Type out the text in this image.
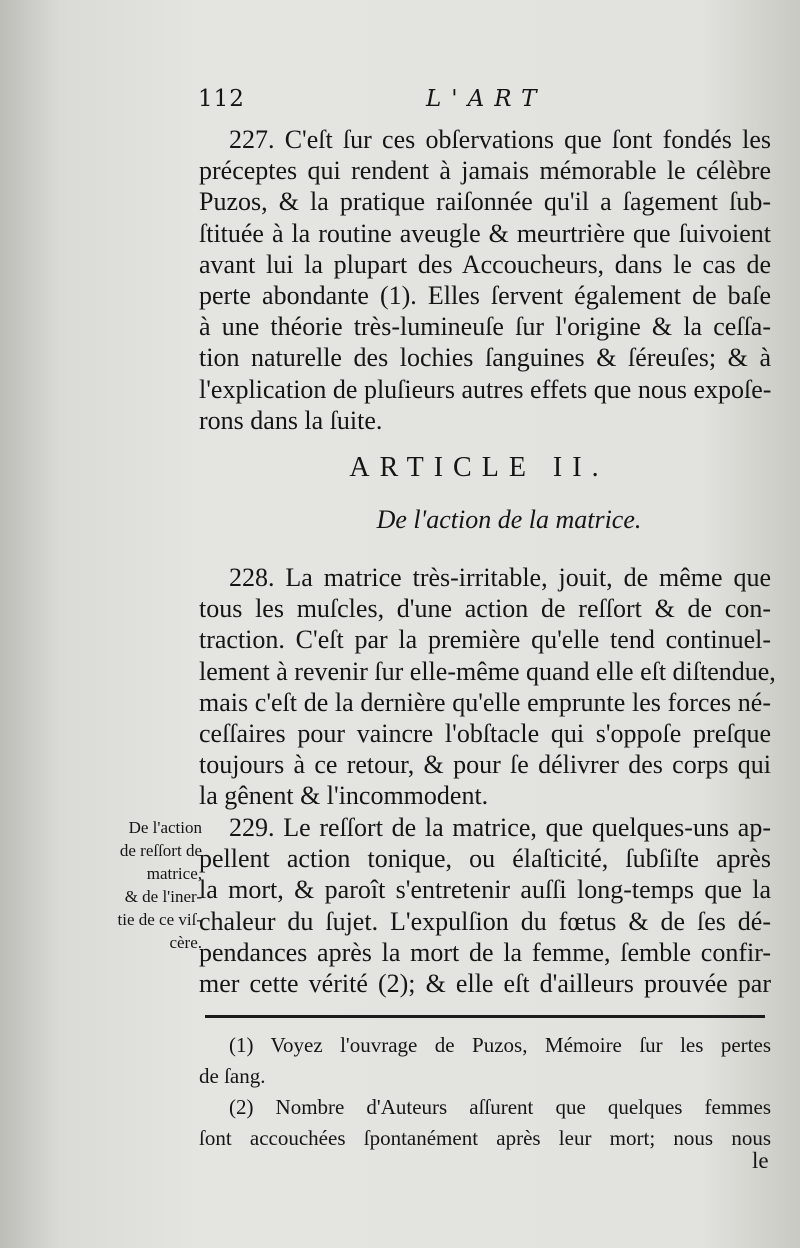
112	L'ART
227. C'eſt ſur ces obſervations que ſont fondés les
préceptes qui rendent à jamais mémorable le célèbre
Puzos, & la pratique raiſonnée qu'il a ſagement ſub-
ſtituée à la routine aveugle & meurtrière que ſuivoient
avant lui la plupart des Accoucheurs, dans le cas de
perte abondante (1). Elles ſervent également de baſe
à une théorie très-lumineuſe ſur l'origine & la ceſſa-
tion naturelle des lochies ſanguines & ſéreuſes; & à
l'explication de pluſieurs autres effets que nous expoſe-
rons dans la ſuite.
ARTICLE II.
De l'action de la matrice.
228. La matrice très-irritable, jouit, de même que
tous les muſcles, d'une action de reſſort & de con-
traction. C'eſt par la première qu'elle tend continuel-
lement à revenir ſur elle-même quand elle eſt diſtendue,
mais c'eſt de la dernière qu'elle emprunte les forces né-
ceſſaires pour vaincre l'obſtacle qui s'oppoſe preſque
toujours à ce retour, & pour ſe délivrer des corps qui
la gênent & l'incommodent.
De l'action
de reſſort de
matrice,
& de l'iner-
tie de ce viſ-
cère.
229. Le reſſort de la matrice, que quelques-uns ap-
pellent action tonique, ou élaſticité, ſubſiſte après
la mort, & paroît s'entretenir auſſi long-temps que la
chaleur du ſujet. L'expulſion du fœtus & de ſes dé-
pendances après la mort de la femme, ſemble confir-
mer cette vérité (2); & elle eſt d'ailleurs prouvée par
(1) Voyez l'ouvrage de Puzos, Mémoire ſur les pertes
de ſang.
(2) Nombre d'Auteurs aſſurent que quelques femmes
ſont accouchées ſpontanément après leur mort; nous nous
le
